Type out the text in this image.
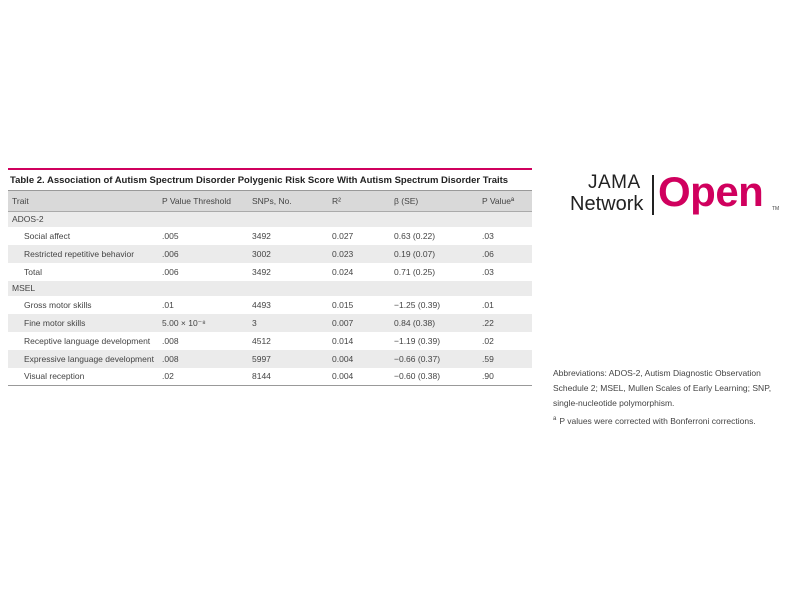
Table 2. Association of Autism Spectrum Disorder Polygenic Risk Score With Autism Spectrum Disorder Traits
Trait	P Value Threshold	SNPs, No.	R²	β (SE)	P Valueª
ADOS-2					
Social affect	.005	3492	0.027	0.63 (0.22)	.03
Restricted repetitive behavior	.006	3002	0.023	0.19 (0.07)	.06
Total	.006	3492	0.024	0.71 (0.25)	.03
MSEL					
Gross motor skills	.01	4493	0.015	−1.25 (0.39)	.01
Fine motor skills	5.00 × 10⁻⁸	3	0.007	0.84 (0.38)	.22
Receptive language development	.008	4512	0.014	−1.19 (0.39)	.02
Expressive language development	.008	5997	0.004	−0.66 (0.37)	.59
Visual reception	.02	8144	0.004	−0.60 (0.38)	.90
JAMA
Network Open TM
Abbreviations: ADOS-2, Autism Diagnostic Observation Schedule 2; MSEL, Mullen Scales of Early Learning; SNP, single-nucleotide polymorphism.
$^a$ P values were corrected with Bonferroni corrections.
